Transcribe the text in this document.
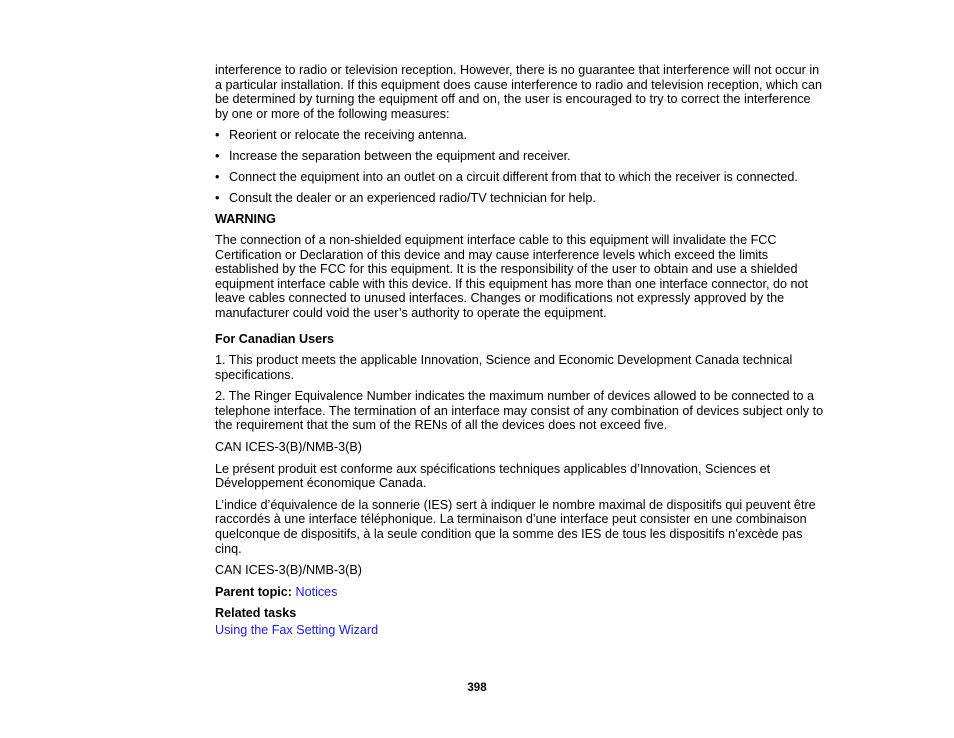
interference to radio or television reception. However, there is no guarantee that interference will not occur in a particular installation. If this equipment does cause interference to radio and television reception, which can be determined by turning the equipment off and on, the user is encouraged to try to correct the interference by one or more of the following measures:

• Reorient or relocate the receiving antenna.
• Increase the separation between the equipment and receiver.
• Connect the equipment into an outlet on a circuit different from that to which the receiver is connected.
• Consult the dealer or an experienced radio/TV technician for help.

WARNING

The connection of a non-shielded equipment interface cable to this equipment will invalidate the FCC Certification or Declaration of this device and may cause interference levels which exceed the limits established by the FCC for this equipment. It is the responsibility of the user to obtain and use a shielded equipment interface cable with this device. If this equipment has more than one interface connector, do not leave cables connected to unused interfaces. Changes or modifications not expressly approved by the manufacturer could void the user’s authority to operate the equipment.

For Canadian Users

1. This product meets the applicable Innovation, Science and Economic Development Canada technical specifications.

2. The Ringer Equivalence Number indicates the maximum number of devices allowed to be connected to a telephone interface. The termination of an interface may consist of any combination of devices subject only to the requirement that the sum of the RENs of all the devices does not exceed five.

CAN ICES-3(B)/NMB-3(B)

Le présent produit est conforme aux spécifications techniques applicables d’Innovation, Sciences et Développement économique Canada.

L’indice d’équivalence de la sonnerie (IES) sert à indiquer le nombre maximal de dispositifs qui peuvent être raccordés à une interface téléphonique. La terminaison d’une interface peut consister en une combinaison quelconque de dispositifs, à la seule condition que la somme des IES de tous les dispositifs n’excède pas cinq.

CAN ICES-3(B)/NMB-3(B)

Parent topic: Notices

Related tasks

Using the Fax Setting Wizard

398
